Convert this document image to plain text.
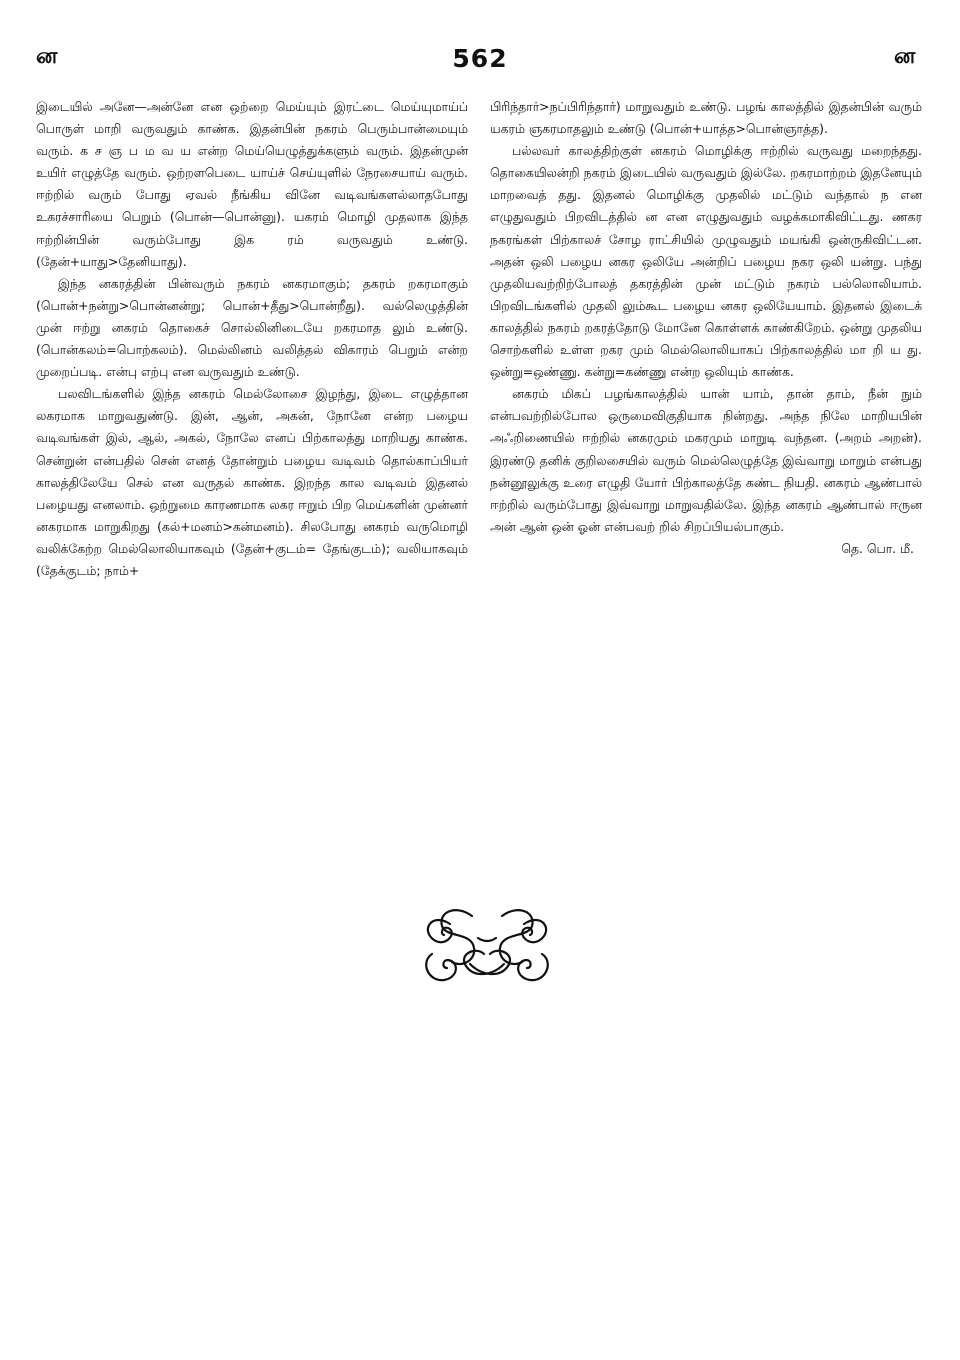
ன	562	ன

இடையில் அனே—அன்னே என ஒற்றை மெய்யும் இரட்டை மெய்யுமாய்ப் பொருள் மாறி வருவதும் காண்க. இதன்பின் நகரம் பெரும்பான்மையும் வரும். க ச ஞ ப ம வ ய என்ற மெய்யெழுத்துக்களும் வரும். இதன்முன் உயிர் எழுத்தே வரும். ஒற்றளபெடை யாய்ச் செய்யுளில் நேரசையாய் வரும். ஈற்றில் வரும் போது ஏவல் நீங்கிய வினே வடிவங்களல்லாதபோது உகரச்சாரியை பெறும் (பொன்—பொன்னு). யகரம் மொழி முதலாக இந்த ஈற்றின்பின் வரும்போது இக ரம் வருவதும் உண்டு. (தேன்+யாது>தேனியாது).

இந்த னகரத்தின் பின்வரும் நகரம் னகரமாகும்; தகரம் றகரமாகும் (பொன்+நன்று>பொன்னன்று; பொன்+தீது>பொன்றீது). வல்லெழுத்தின் முன் ஈற்று னகரம் தொகைச் சொல்லினிடையே றகரமாத லும் உண்டு. (பொன்கலம்=பொற்கலம்). மெல்லினம் வலித்தல் விகாரம் பெறும் என்ற முறைப்படி. என்பு எற்பு என வருவதும் உண்டு.

பலவிடங்களில் இந்த னகரம் மெல்லோசை இழந்து, இடை எழுத்தான லகரமாக மாறுவதுண்டு. இன், ஆன், அகன், நோனே என்ற பழைய வடிவங்கள் இல், ஆல், அகல், நோலே எனப் பிற்காலத்து மாறியது காண்க. சென்றுன் என்பதில் சென் எனத் தோன்றும் பழைய வடிவம் தொல்காப்பியர் காலத்திலேயே செல் என வருதல் காண்க. இறந்த கால வடிவம் இதனல் பழையது எனலாம். ஒற்றுமை காரணமாக லகர ஈறும் பிற மெய்களின் முன்னர் னகரமாக மாறுகிறது (கல்+மனம்>கன்மனம்). சிலபோது னகரம் வருமொழி வலிக்கேற்ற மெல்லொலியாகவும் (தேன்+குடம்= தேங்குடம்); வலியாகவும் (தேக்குடம்; நாம்+

பிரிந்தார்>நப்பிரிந்தார்) மாறுவதும் உண்டு. பழங் காலத்தில் இதன்பின் வரும் யகரம் ஞகரமாதலும் உண்டு (பொன்+யாத்த>பொன்ஞாத்த).

பல்லவர் காலத்திற்குள் னகரம் மொழிக்கு ஈற்றில் வருவது மறைந்தது. தொகையிலன்றி நகரம் இடையில் வருவதும் இல்லே. றகரமாற்றம் இதனேயும் மாறவைத் தது. இதனல் மொழிக்கு முதலில் மட்டும் வந்தால் ந என எழுதுவதும் பிறவிடத்தில் ன என எழுதுவதும் வழக்கமாகிவிட்டது. ணகர நகரங்கள் பிற்காலச் சோழ ராட்சியில் முழுவதும் மயங்கி ஒன்ருகிவிட்டன. அதன் ஒலி பழைய னகர ஒலியே அன்றிப் பழைய நகர ஒலி யன்று. பந்து முதலியவற்றிற்போலத் தகரத்தின் முன் மட்டும் நகரம் பல்லொலியாம். பிறவிடங்களில் முதலி லும்கூட பழைய னகர ஒலியேயாம். இதனல் இடைக் காலத்தில் நகரம் றகரத்தோடு மோனே கொள்ளக் காண்கிறேம். ஒன்று முதலிய சொற்களில் உள்ள றகர மும் மெல்லொலியாகப் பிற்காலத்தில் மா றி ய து. ஒன்று=ஒண்ணு. கன்று=கண்ணு என்ற ஒலியும் காண்க.

னகரம் மிகப் பழங்காலத்தில் யான் யாம், தான் தாம், நீன் நும் என்பவற்றில்போல ஒருமைவிகுதியாக நின்றது. அந்த நிலே மாறியபின் அஃறிணையில் ஈற்றில் னகரமும் மகரமும் மாறுடி வந்தன. (அறம் அறன்). இரண்டு தனிக் குறிலசையில் வரும் மெல்லெழுத்தே இவ்வாறு மாறும் என்பது நன்னூலுக்கு உரை எழுதி யோர் பிற்காலத்தே கண்ட நியதி. னகரம் ஆண்பால் ஈற்றில் வரும்போது இவ்வாறு மாறுவதில்லே. இந்த னகரம் ஆண்பால் ஈருன அன் ஆன் ஒன் ஓன் என்பவற் றில் சிறப்பியல்பாகும்.

தெ. பொ. மீ.
